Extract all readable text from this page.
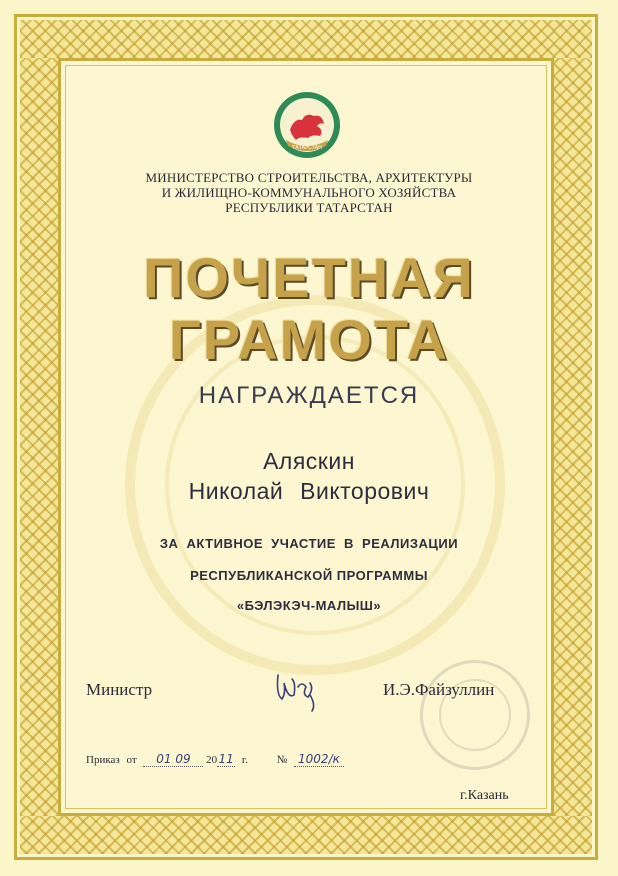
ТАТАРСТАН
МИНИСТЕРСТВО СТРОИТЕЛЬСТВА, АРХИТЕКТУРЫ
И ЖИЛИЩНО-КОММУНАЛЬНОГО ХОЗЯЙСТВА
РЕСПУБЛИКИ ТАТАРСТАН
ПОЧЕТНАЯ
ГРАМОТА
НАГРАЖДАЕТСЯ
Аляскин
Николай Викторович
ЗА АКТИВНОЕ УЧАСТИЕ В РЕАЛИЗАЦИИ
РЕСПУБЛИКАНСКОЙ ПРОГРАММЫ
«БЭЛЭКЭЧ-МАЛЫШ»
Министр	И.Э.Файзуллин
Приказ от 01 09 2011 г.	№ 1002/к
г.Казань
